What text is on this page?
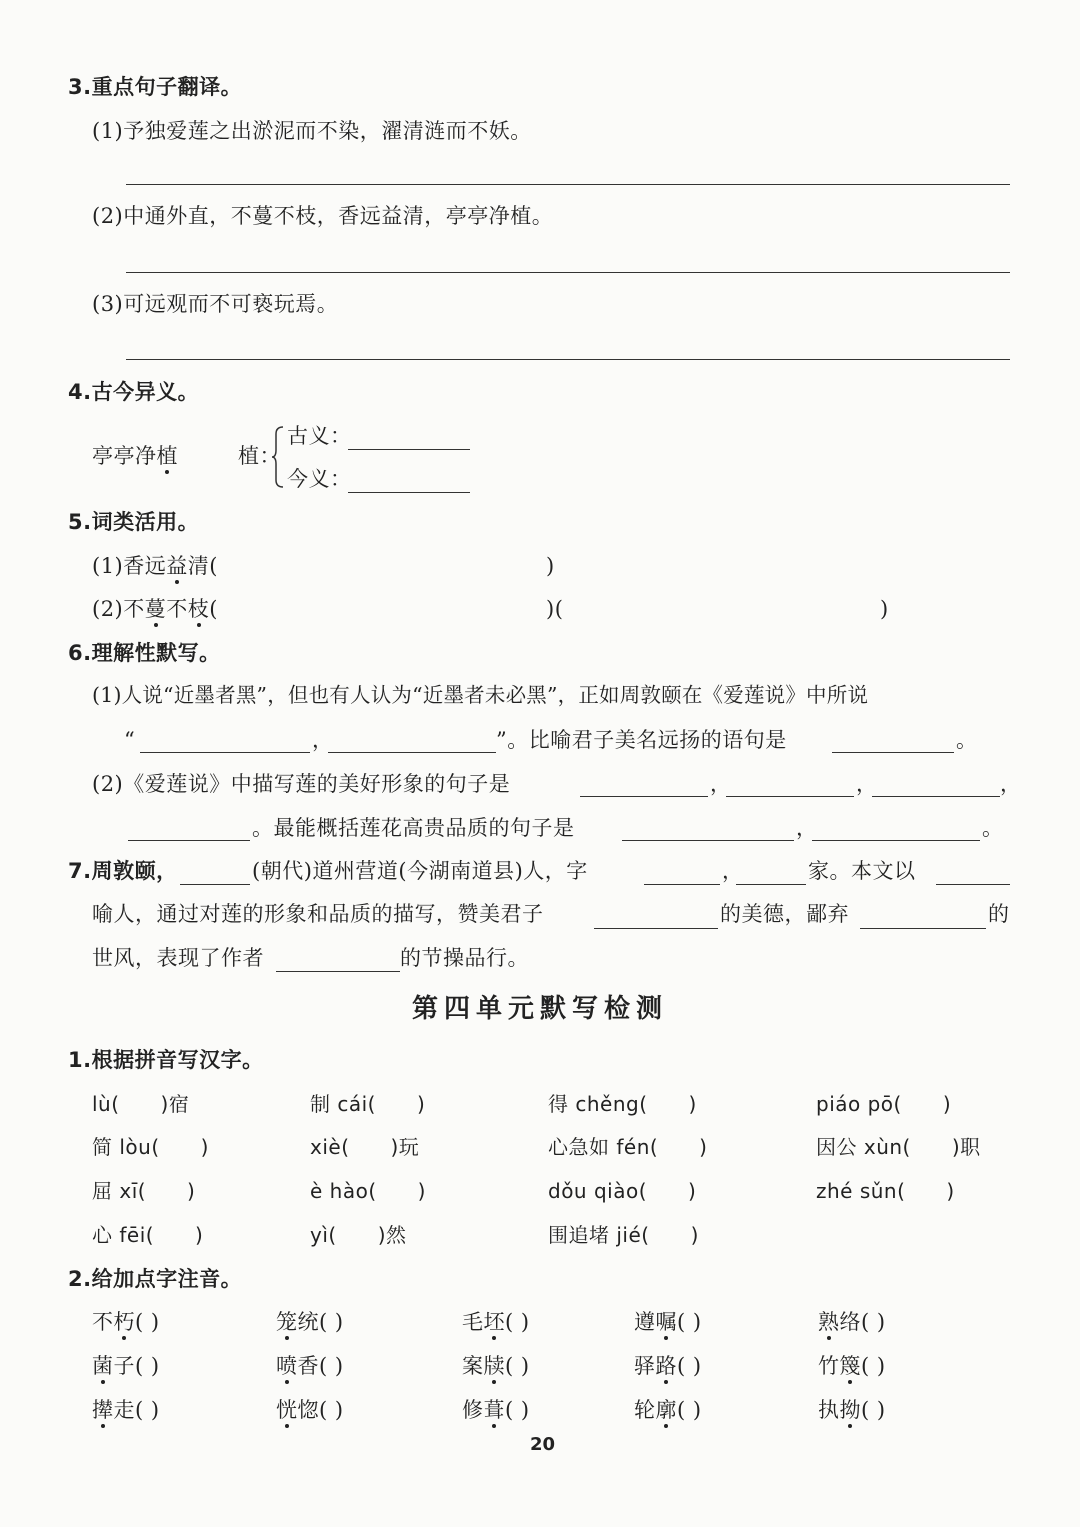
3.重点句子翻译。
(1)予独爱莲之出淤泥而不染，濯清涟而不妖。
(2)中通外直，不蔓不枝，香远益清，亭亭净植。
(3)可远观而不可亵玩焉。
4.古今异义。
亭亭净植	植：
古义：
今义：
5.词类活用。
(1)香远益清(	)
(2)不蔓不枝(	)(	)
6.理解性默写。
(1)人说“近墨者黑”，但也有人认为“近墨者未必黑”，正如周敦颐在《爱莲说》中所说
“	，	”。比喻君子美名远扬的语句是	。
(2)《爱莲说》中描写莲的美好形象的句子是	，	，	，
。最能概括莲花高贵品质的句子是	，	。
7.周敦颐，	(朝代)道州营道(今湖南道县)人，字	，	家。本文以
喻人，通过对莲的形象和品质的描写，赞美君子	的美德，鄙弃	的
世风，表现了作者	的节操品行。
第四单元默写检测
1.根据拼音写汉字。
lù(　　)宿	制 cái(　　)	得 chěng(　　)	piáo pō(　　)
简 lòu(　　)	xiè(　　)玩	心急如 fén(　　)	因公 xùn(　　)职
屈 xī(　　)	è hào(　　)	dǒu qiào(　　)	zhé sǔn(　　)
心 fēi(　　)	yì(　　)然	围追堵 jié(　　)
2.给加点字注音。
不朽( )	笼统( )	毛坯( )	遵嘱( )	熟络( )
菌子( )	喷香( )	案牍( )	驿路( )	竹篾( )
撵走( )	恍惚( )	修葺( )	轮廓( )	执拗( )
20
